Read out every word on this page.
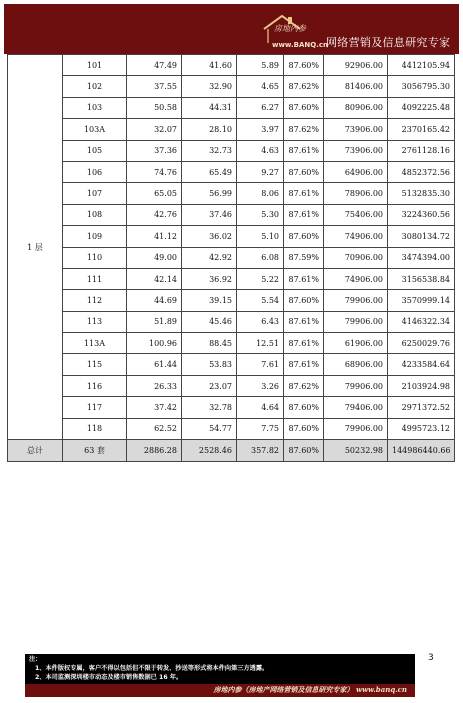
房地内参
www.BANQ.cn
网络营销及信息研究专家
1 层	101	47.49	41.60	5.89	87.60%	92906.00	4412105.94
	102	37.55	32.90	4.65	87.62%	81406.00	3056795.30
	103	50.58	44.31	6.27	87.60%	80906.00	4092225.48
	103A	32.07	28.10	3.97	87.62%	73906.00	2370165.42
	105	37.36	32.73	4.63	87.61%	73906.00	2761128.16
	106	74.76	65.49	9.27	87.60%	64906.00	4852372.56
	107	65.05	56.99	8.06	87.61%	78906.00	5132835.30
	108	42.76	37.46	5.30	87.61%	75406.00	3224360.56
	109	41.12	36.02	5.10	87.60%	74906.00	3080134.72
	110	49.00	42.92	6.08	87.59%	70906.00	3474394.00
	111	42.14	36.92	5.22	87.61%	74906.00	3156538.84
	112	44.69	39.15	5.54	87.60%	79906.00	3570999.14
	113	51.89	45.46	6.43	87.61%	79906.00	4146322.34
	113A	100.96	88.45	12.51	87.61%	61906.00	6250029.76
	115	61.44	53.83	7.61	87.61%	68906.00	4233584.64
	116	26.33	23.07	3.26	87.62%	79906.00	2103924.98
	117	37.42	32.78	4.64	87.60%	79406.00	2971372.52
	118	62.52	54.77	7.75	87.60%	79906.00	4995723.12
总计	63 套	2886.28	2528.46	357.82	87.60%	50232.98	144986440.66
3
注：
1、本件版权专属，客户不得以包括但不限于转发、抄送等形式将本件向第三方透露。
2、本司监测深圳楼市动态及楼市销售数据已 16 年。
房地内参（房地产网络营销及信息研究专家） www.banq.cn
